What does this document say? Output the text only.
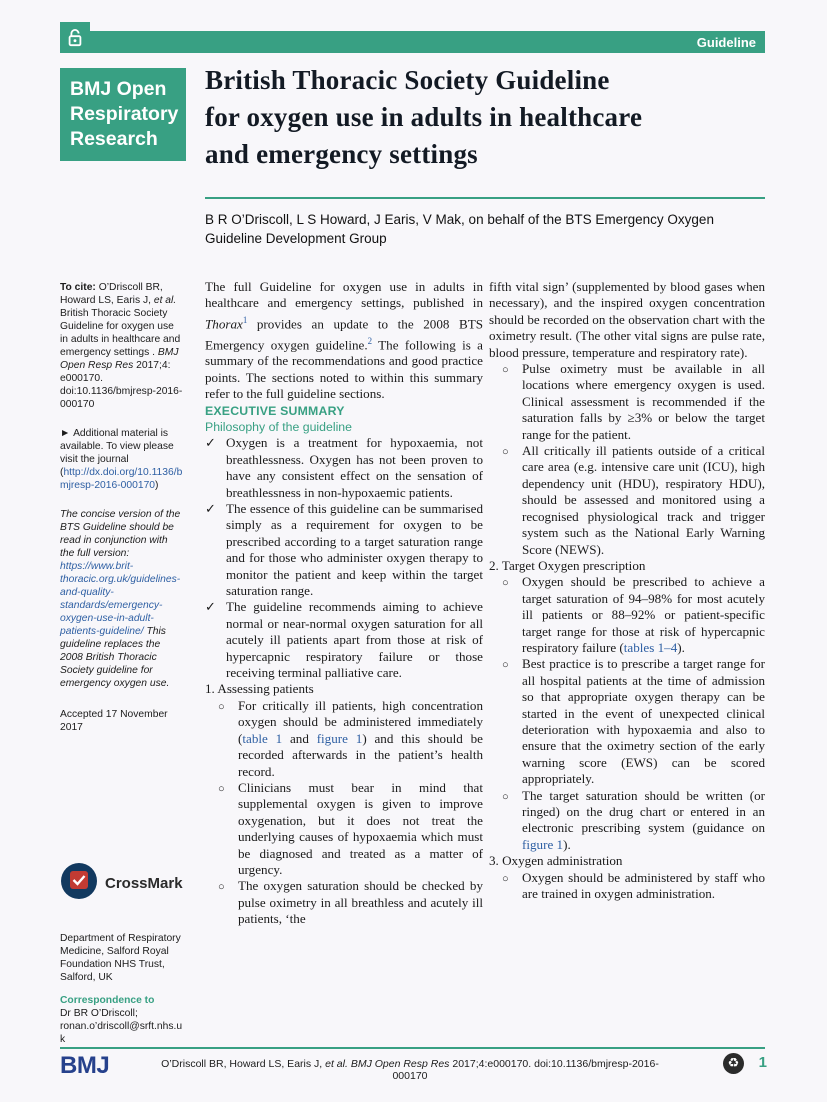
Guideline
BMJ Open
Respiratory
Research
British Thoracic Society Guideline
for oxygen use in adults in healthcare
and emergency settings
B R O’Driscoll, L S Howard, J Earis, V Mak, on behalf of the BTS Emergency Oxygen Guideline Development Group

To cite: O’Driscoll BR, Howard LS, Earis J, et al. British Thoracic Society Guideline for oxygen use in adults in healthcare and emergency settings . BMJ Open Resp Res 2017;4: e000170. doi:10.1136/bmjresp-2016-000170

► Additional material is available. To view please visit the journal (http://dx.doi.org/10.1136/bmjresp-2016-000170)

The concise version of the BTS Guideline should be read in conjunction with the full version: https://www.brit-thoracic.org.uk/guidelines-and-quality-standards/emergency-oxygen-use-in-adult-patients-guideline/ This guideline replaces the 2008 British Thoracic Society guideline for emergency oxygen use.

Accepted 17 November 2017

CrossMark

Department of Respiratory Medicine, Salford Royal Foundation NHS Trust, Salford, UK

Correspondence to
Dr BR O’Driscoll; ronan.o’driscoll@srft.nhs.uk

The full Guideline for oxygen use in adults in healthcare and emergency settings, published in Thorax$^1$ provides an update to the 2008 BTS Emergency oxygen guideline.$^2$ The following is a summary of the recommendations and good practice points. The sections noted to within this summary refer to the full guideline sections.

EXECUTIVE SUMMARY

Philosophy of the guideline

✓ Oxygen is a treatment for hypoxaemia, not breathlessness. Oxygen has not been proven to have any consistent effect on the sensation of breathlessness in non-hypoxaemic patients.
✓ The essence of this guideline can be summarised simply as a requirement for oxygen to be prescribed according to a target saturation range and for those who administer oxygen therapy to monitor the patient and keep within the target saturation range.
✓ The guideline recommends aiming to achieve normal or near-normal oxygen saturation for all acutely ill patients apart from those at risk of hypercapnic respiratory failure or those receiving terminal palliative care.

1. Assessing patients

○ For critically ill patients, high concentration oxygen should be administered immediately (table 1 and figure 1) and this should be recorded afterwards in the patient’s health record.
○ Clinicians must bear in mind that supplemental oxygen is given to improve oxygenation, but it does not treat the underlying causes of hypoxaemia which must be diagnosed and treated as a matter of urgency.
○ The oxygen saturation should be checked by pulse oximetry in all breathless and acutely ill patients, ‘the

fifth vital sign’ (supplemented by blood gases when necessary), and the inspired oxygen concentration should be recorded on the observation chart with the oximetry result. (The other vital signs are pulse rate, blood pressure, temperature and respiratory rate).

○ Pulse oximetry must be available in all locations where emergency oxygen is used. Clinical assessment is recommended if the saturation falls by ≥3% or below the target range for the patient.
○ All critically ill patients outside of a critical care area (e.g. intensive care unit (ICU), high dependency unit (HDU), respiratory HDU), should be assessed and monitored using a recognised physiological track and trigger system such as the National Early Warning Score (NEWS).

2. Target Oxygen prescription

○ Oxygen should be prescribed to achieve a target saturation of 94–98% for most acutely ill patients or 88–92% or patient-specific target range for those at risk of hypercapnic respiratory failure (tables 1–4).
○ Best practice is to prescribe a target range for all hospital patients at the time of admission so that appropriate oxygen therapy can be started in the event of unexpected clinical deterioration with hypoxaemia and also to ensure that the oximetry section of the early warning score (EWS) can be scored appropriately.
○ The target saturation should be written (or ringed) on the drug chart or entered in an electronic prescribing system (guidance on figure 1).

3. Oxygen administration

○ Oxygen should be administered by staff who are trained in oxygen administration.
BMJ	O’Driscoll BR, Howard LS, Earis J, et al. BMJ Open Resp Res 2017;4:e000170. doi:10.1136/bmjresp-2016-000170
♻	1
